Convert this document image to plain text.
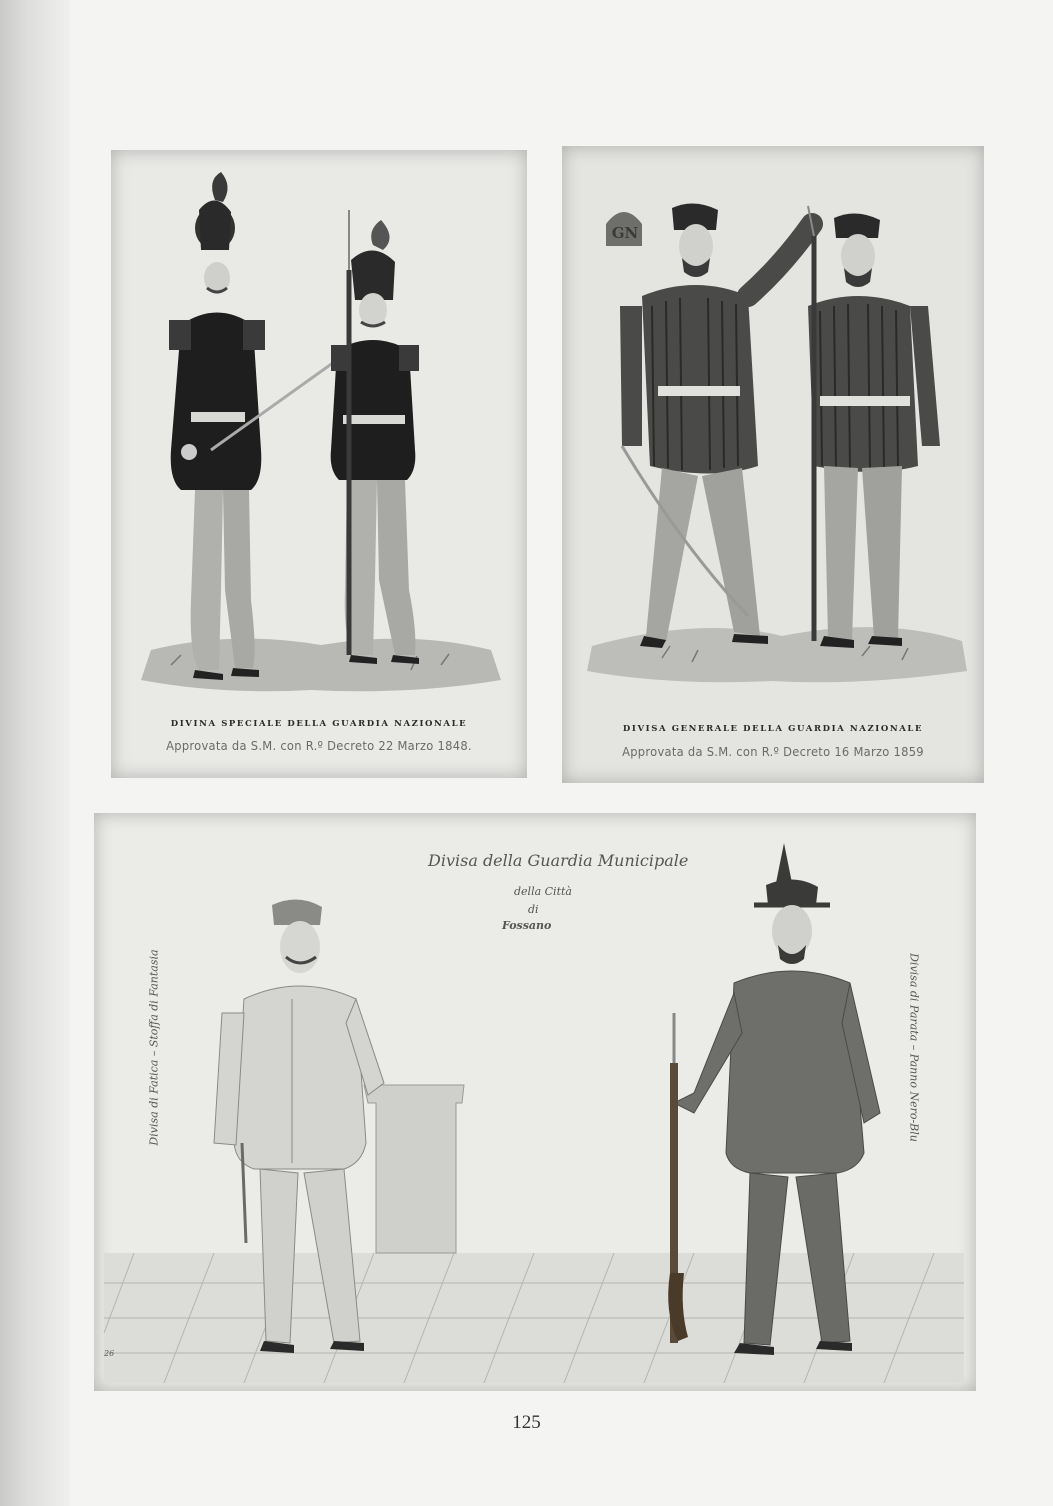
DIVINA SPECIALE DELLA GUARDIA NAZIONALE
Approvata da S.M. con R.º Decreto 22 Marzo 1848.
DIVISA GENERALE DELLA GUARDIA NAZIONALE
Approvata da S.M. con R.º Decreto 16 Marzo 1859
GN
Divisa della Guardia Municipale
della Città
di
Fossano
Divisa di Fatica – Stoffa di Fantasia	Divisa di Parata – Panno Nero-Blu
26
125
